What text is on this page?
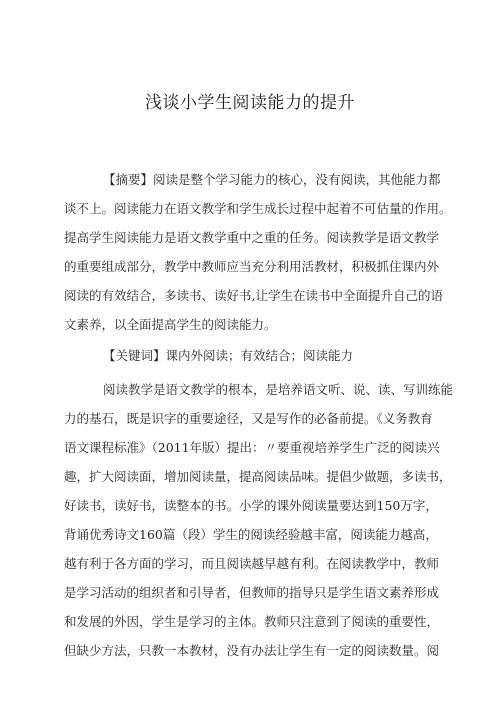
浅谈小学生阅读能力的提升
【摘要】阅读是整个学习能力的核心，没有阅读，其他能力都
谈不上。阅读能力在语文教学和学生成长过程中起着不可估量的作用。
提高学生阅读能力是语文教学重中之重的任务。阅读教学是语文教学
的重要组成部分，教学中教师应当充分利用活教材，积极抓住课内外
阅读的有效结合，多读书、读好书,让学生在读书中全面提升自己的语
文素养，以全面提高学生的阅读能力。
【关键词】课内外阅读；有效结合；阅读能力
阅读教学是语文教学的根本，是培养语文听、说、读、写训练能
力的基石，既是识字的重要途径，又是写作的必备前提。《义务教育
语文课程标准》（2011年版）提出：〃要重视培养学生广泛的阅读兴
趣，扩大阅读面，增加阅读量，提高阅读品味。提倡少做题，多读书，
好读书，读好书，读整本的书。小学的课外阅读量要达到150万字，
背诵优秀诗文160篇（段）学生的阅读经验越丰富，阅读能力越高，
越有利于各方面的学习，而且阅读越早越有利。在阅读教学中，教师
是学习活动的组织者和引导者，但教师的指导只是学生语文素养形成
和发展的外因，学生是学习的主体。教师只注意到了阅读的重要性，
但缺少方法，只教一本教材，没有办法让学生有一定的阅读数量。阅
